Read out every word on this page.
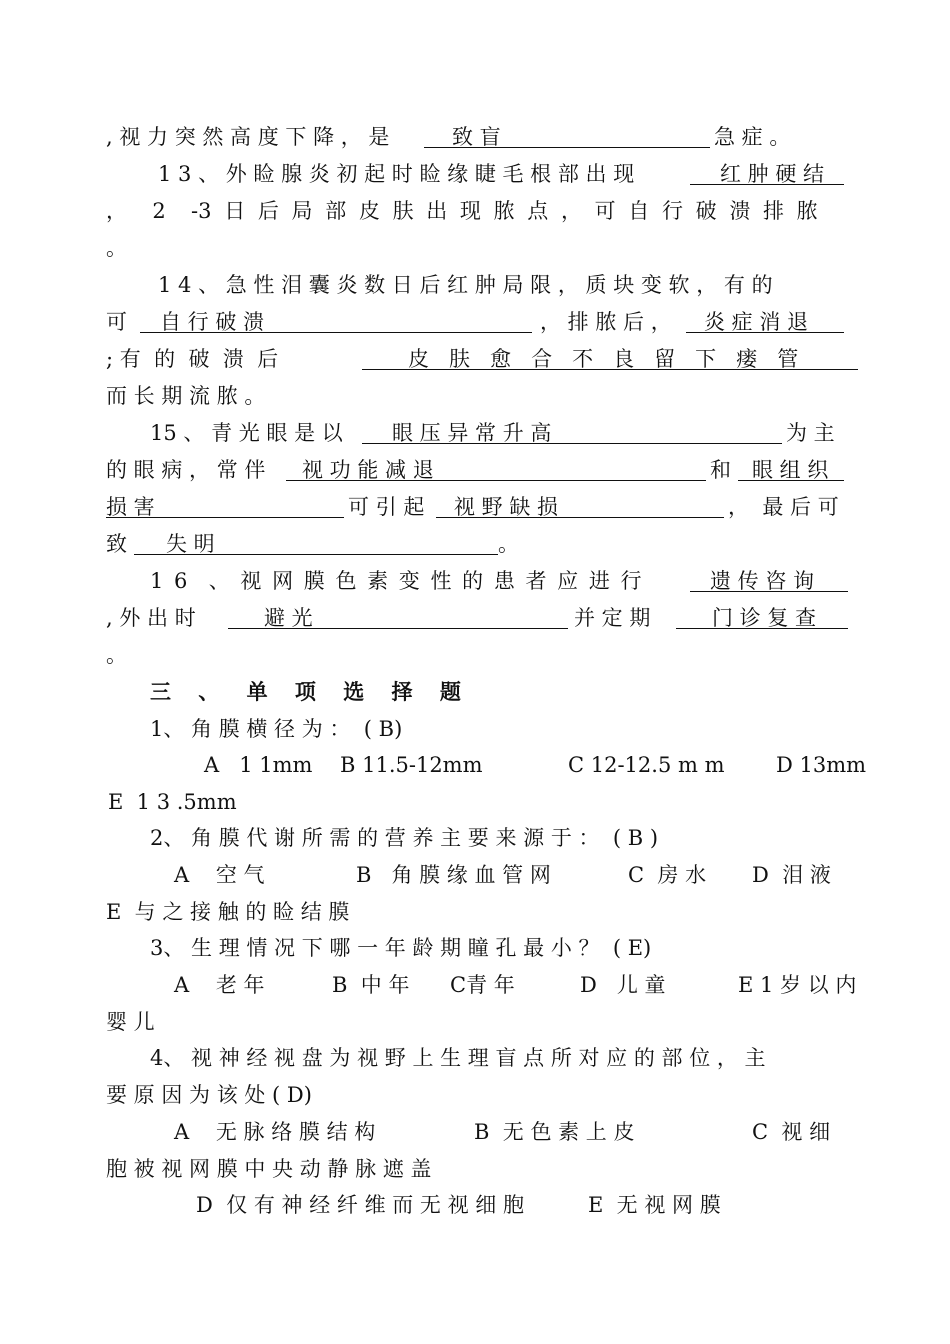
, 视 力 突 然 高 度 下 降 ， 是	致 盲	急 症 。
1 3 、 外 睑 腺 炎 初 起 时 睑 缘 睫 毛 根 部 出 现	红 肿 硬 结
，  2  -3 日 后 局 部 皮 肤 出 现 脓 点 ， 可 自 行 破 溃 排 脓
。
1 4 、 急 性 泪 囊 炎 数 日 后 红 肿 局 限 ， 质 块 变 软 ， 有 的
可	自 行 破 溃	， 排 脓 后 ，	炎 症 消 退
; 有  的  破  溃  后	皮   肤   愈   合   不   良   留   下   瘘   管
而 长 期 流 脓 。
15 、 青 光 眼 是 以	眼 压 异 常 升 高	为 主
的 眼 病 ， 常 伴	视 功 能 减 退	和	眼 组 织
损 害	可 引 起	视 野 缺 损	，  最 后 可
致	失 明	。
1 6  、 视 网 膜 色 素 变 性 的 患 者 应 进 行	遗 传 咨 询
, 外 出 时	避 光	并 定 期	门 诊 复 查
。
三 、 单 项 选 择 题
1、 角 膜 横 径 为 ：  ( B)
A   1 1mm B 11.5-12mm	C 12-12.5 m m D 13mm
E  1 3 .5mm
2、 角 膜 代 谢 所 需 的 营 养 主 要 来 源 于 ：  ( B )
A    空 气	B   角 膜 缘 血 管 网	C  房 水 D  泪 液
E  与 之 接 触 的 睑 结 膜
3、 生 理 情 况 下 哪 一 年 龄 期 瞳 孔 最 小 ？  ( E)
A    老 年	B  中 年 C青 年	D   儿 童	E 1 岁 以 内
婴 儿
4、 视 神 经 视 盘 为 视 野 上 生 理 盲 点 所 对 应 的 部 位 ， 主
要 原 因 为 该 处 ( D)
A    无 脉 络 膜 结 构	B  无 色 素 上 皮	C  视 细
胞 被 视 网 膜 中 央 动 静 脉 遮 盖
D  仅 有 神 经 纤 维 而 无 视 细 胞	E  无 视 网 膜
